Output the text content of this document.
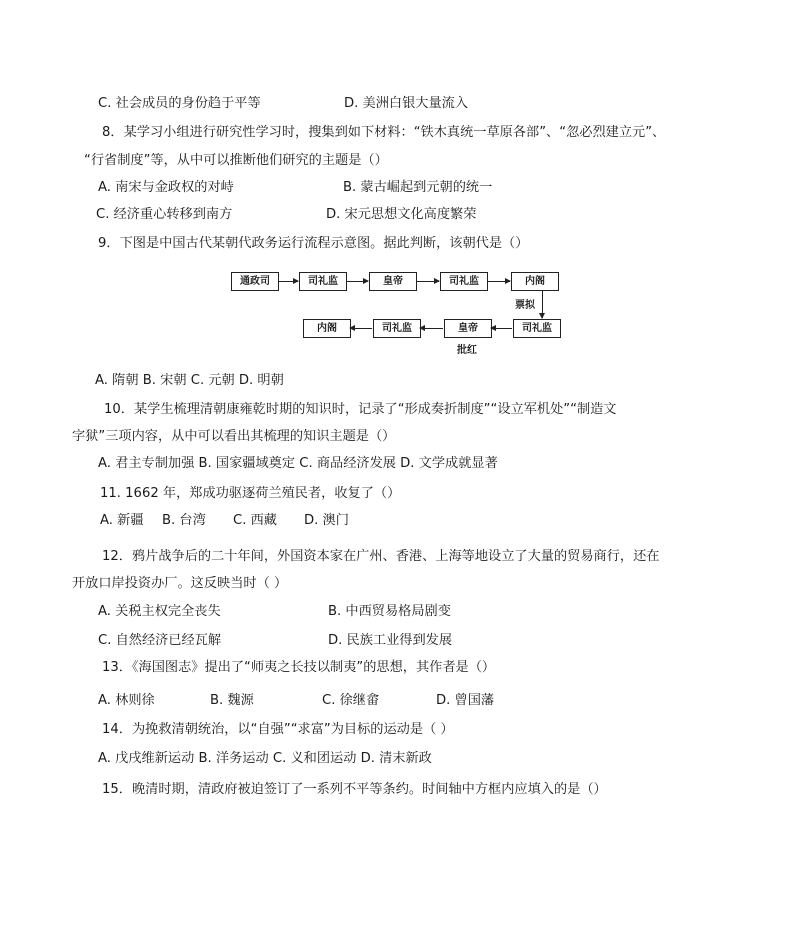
C. 社会成员的身份趋于平等	D. 美洲白银大量流入
8．某学习小组进行研究性学习时，搜集到如下材料：“铁木真统一草原各部”、“忽必烈建立元”、
“行省制度”等，从中可以推断他们研究的主题是（）
A. 南宋与金政权的对峙	B. 蒙古崛起到元朝的统一
C. 经济重心转移到南方	D. 宋元思想文化高度繁荣
9．下图是中国古代某朝代政务运行流程示意图。据此判断，该朝代是（）
通政司	司礼监	皇帝	司礼监	内阁
票拟
内阁	司礼监	皇帝	司礼监
批红
A. 隋朝 B. 宋朝 C. 元朝 D. 明朝
10．某学生梳理清朝康雍乾时期的知识时，记录了“形成奏折制度”“设立军机处”“制造文
字狱”三项内容，从中可以看出其梳理的知识主题是（）
A. 君主专制加强 B. 国家疆域奠定 C. 商品经济发展 D. 文学成就显著
11. 1662 年，郑成功驱逐荷兰殖民者，收复了（）
A. 新疆 B. 台湾 C. 西藏 D. 澳门
12．鸦片战争后的二十年间，外国资本家在广州、香港、上海等地设立了大量的贸易商行，还在
开放口岸投资办厂。这反映当时（ ）
A. 关税主权完全丧失	B. 中西贸易格局剧变
C. 自然经济已经瓦解	D. 民族工业得到发展
13．《海国图志》提出了“师夷之长技以制夷”的思想，其作者是（）
A. 林则徐	B. 魏源	C. 徐继畲	D. 曾国藩
14．为挽救清朝统治，以“自强”“求富”为目标的运动是（ ）
A. 戊戌维新运动 B. 洋务运动 C. 义和团运动 D. 清末新政
15．晚清时期，清政府被迫签订了一系列不平等条约。时间轴中方框内应填入的是（）
